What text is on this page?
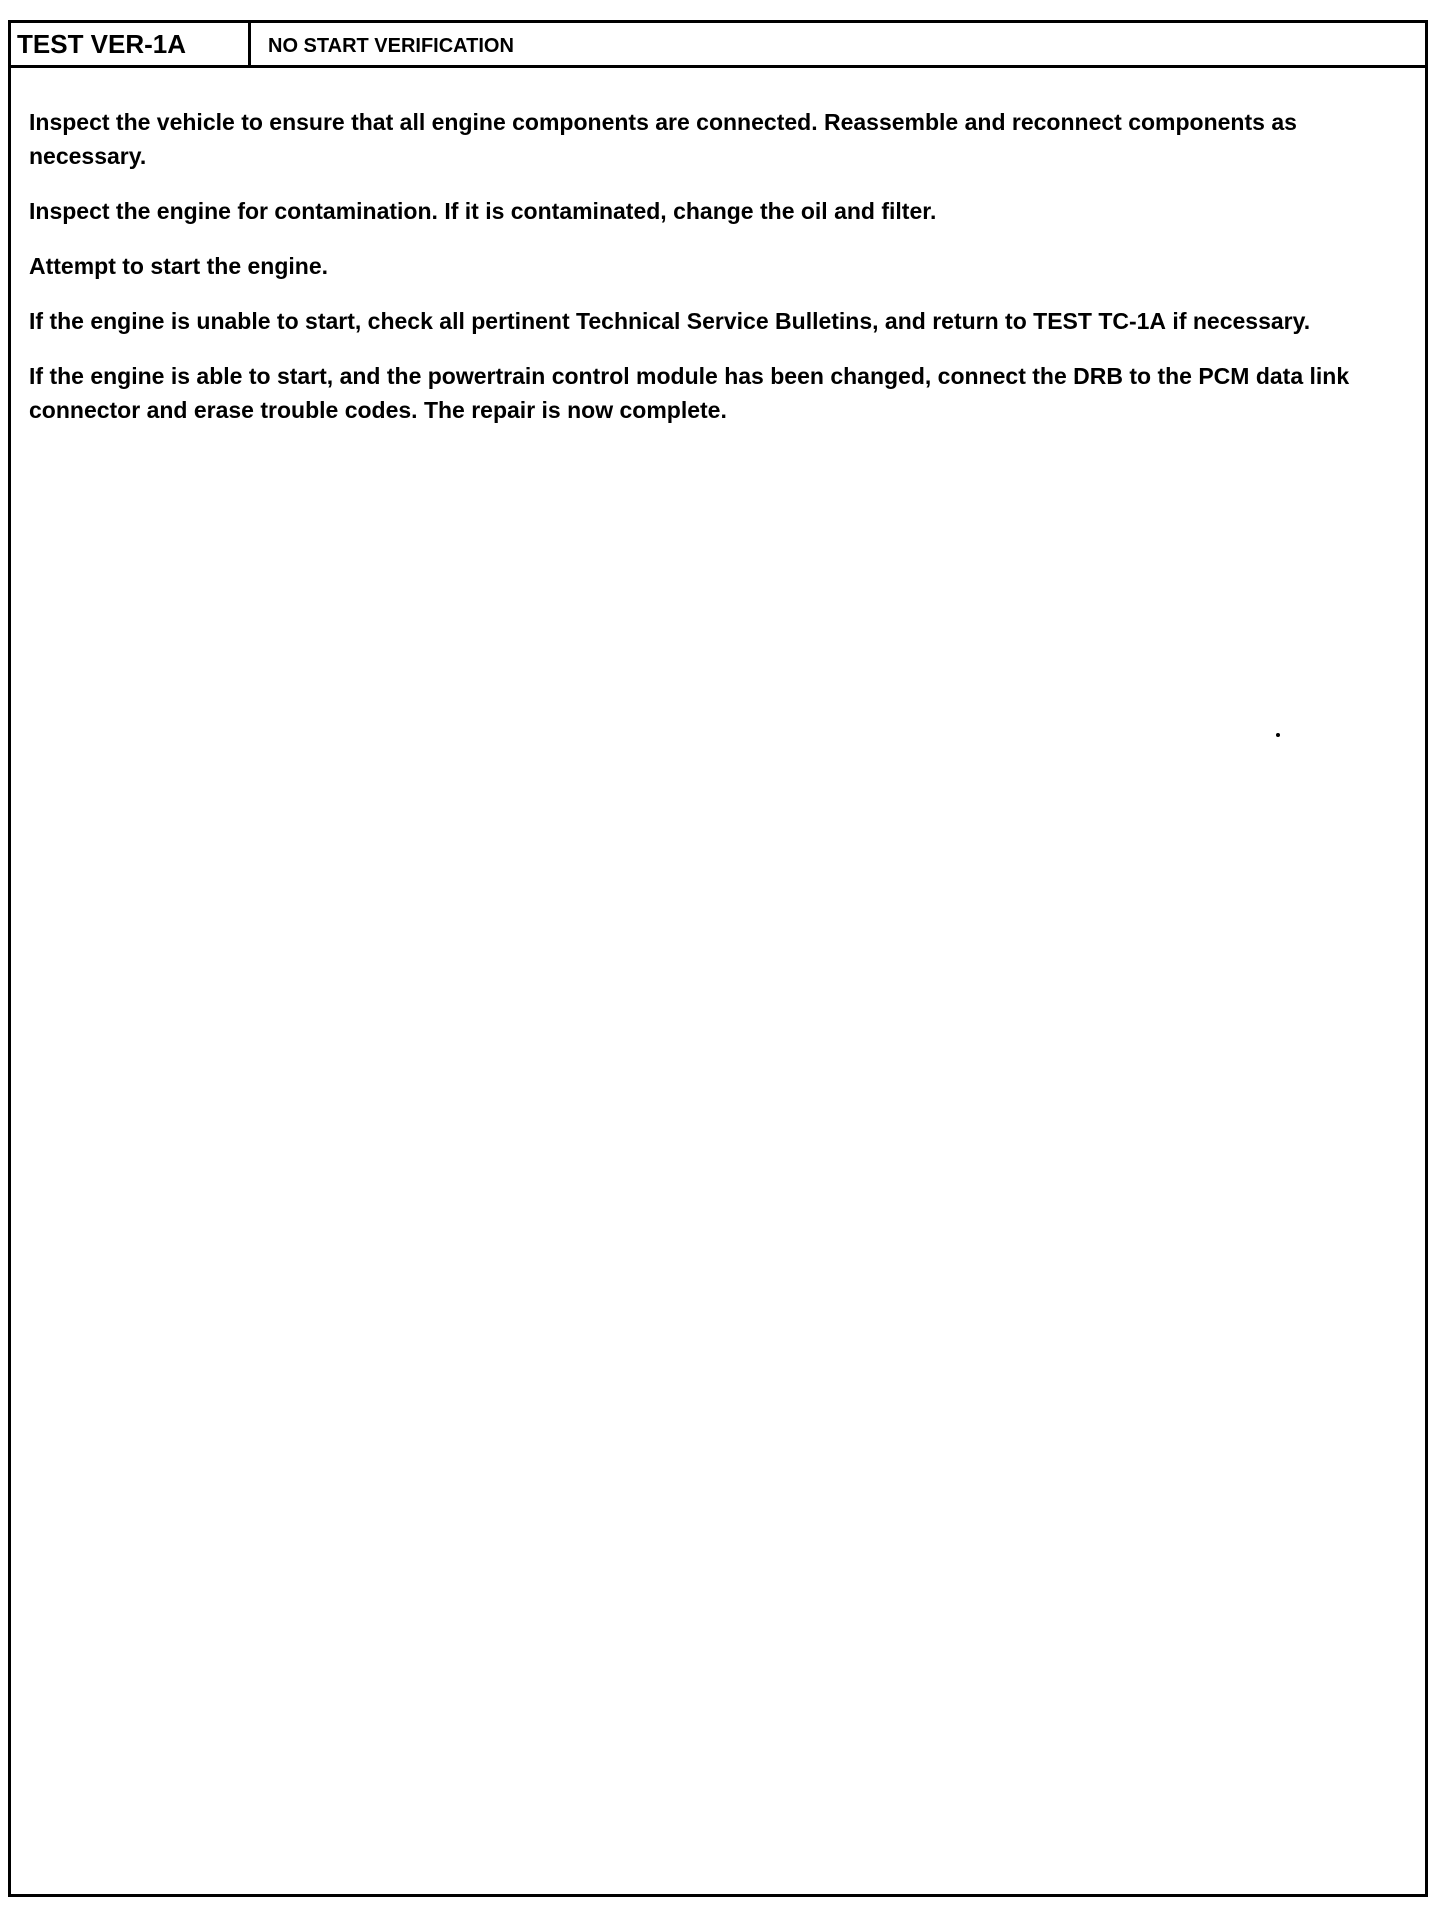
TEST VER-1A	NO START VERIFICATION

Inspect the vehicle to ensure that all engine components are connected. Reassemble and reconnect components as necessary.

Inspect the engine for contamination. If it is contaminated, change the oil and filter.

Attempt to start the engine.

If the engine is unable to start, check all pertinent Technical Service Bulletins, and return to TEST TC-1A if necessary.

If the engine is able to start, and the powertrain control module has been changed, connect the DRB to the PCM data link connector and erase trouble codes. The repair is now complete.
